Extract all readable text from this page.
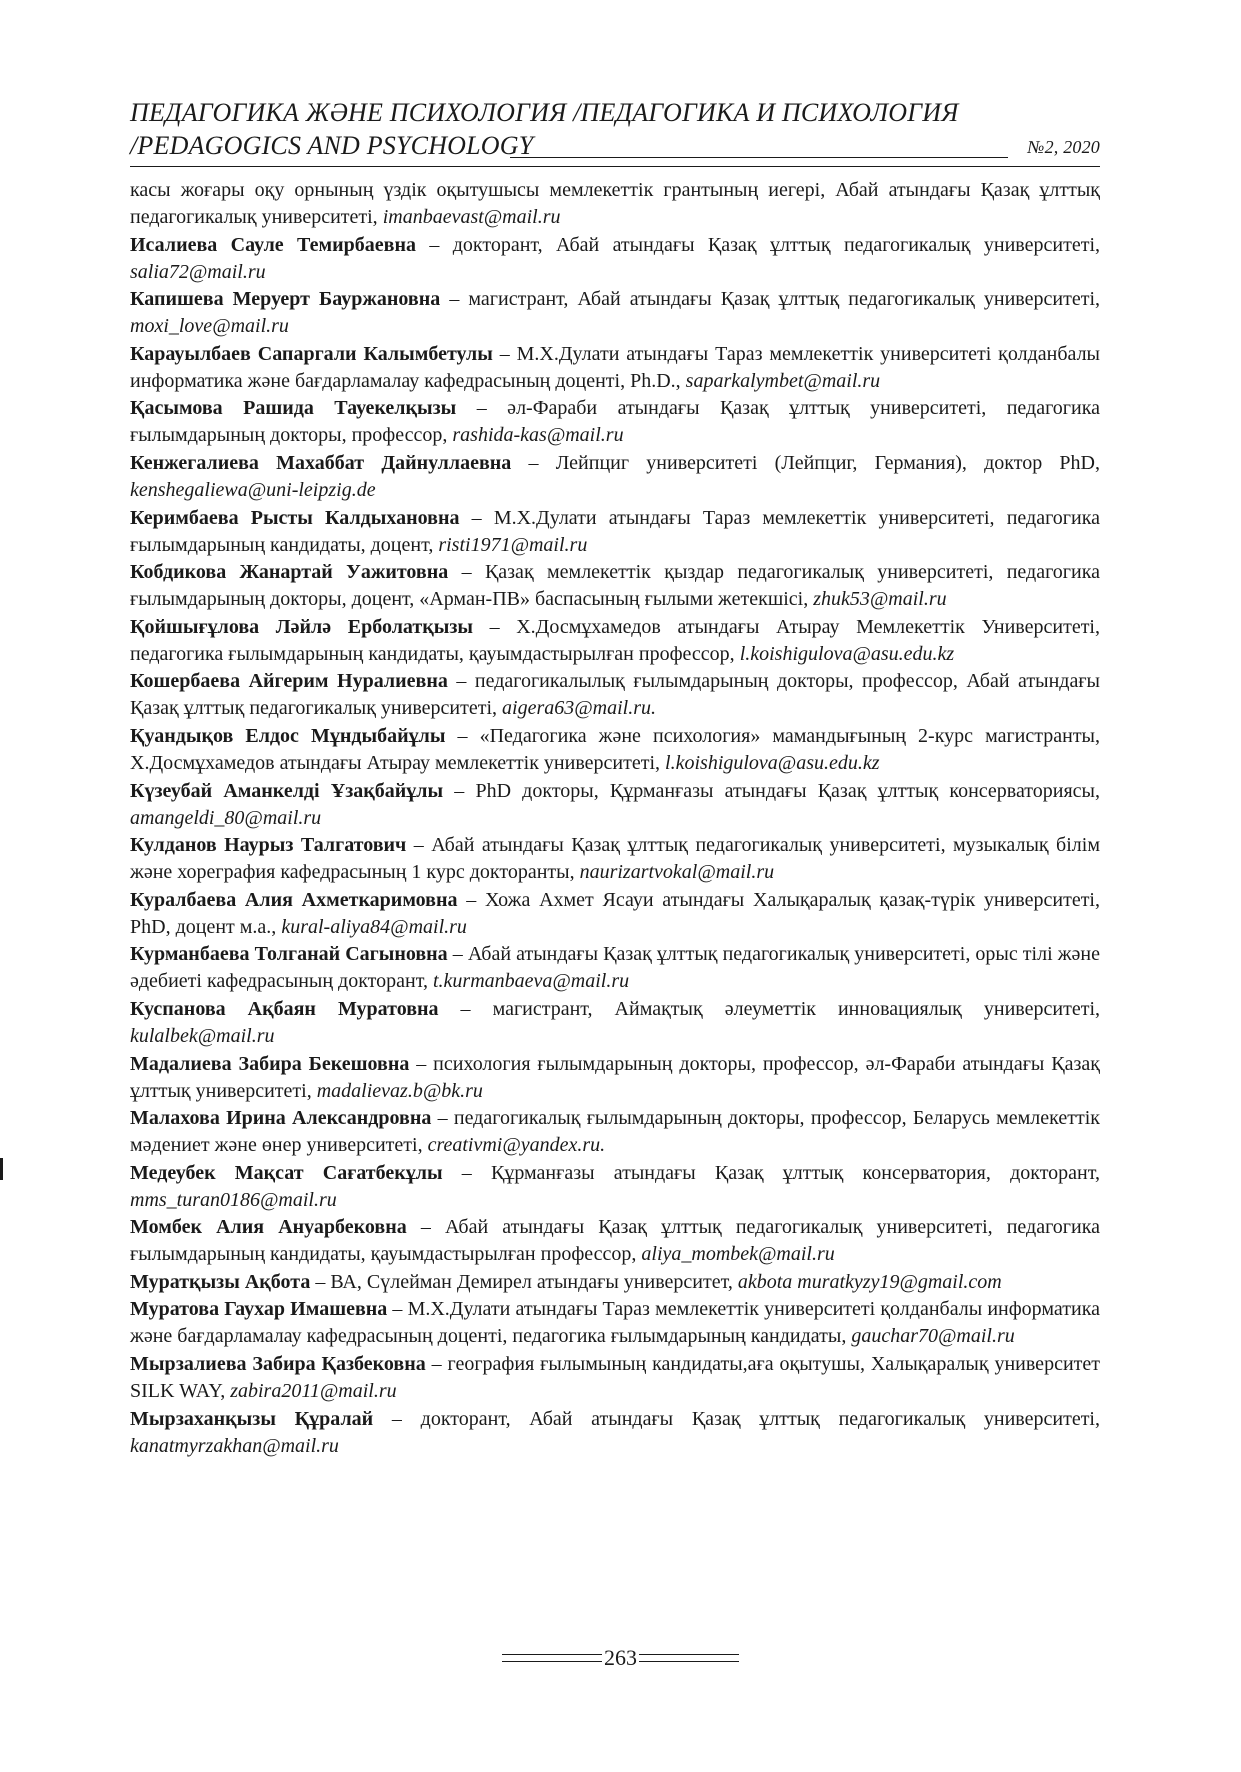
ПЕДАГОГИКА ЖӘНЕ ПСИХОЛОГИЯ /ПЕДАГОГИКА И ПСИХОЛОГИЯ
/PEDAGOGICS AND PSYCHOLOGY	№2, 2020

касы жоғары оқу орнының үздік оқытушысы мемлекеттік грантының иегері, Абай атындағы Қазақ ұлттық педагогикалық университеті, imanbaevast@mail.ru

Исалиева Сауле Темирбаевна – докторант, Абай атындағы Қазақ ұлттық педагогикалық университеті, salia72@mail.ru

Капишева Меруерт Бауржановна – магистрант, Абай атындағы Қазақ ұлттық педагогикалық университеті, moxi_love@mail.ru

Карауылбаев Сапаргали Калымбетулы – М.Х.Дулати атындағы Тараз мемлекеттік университеті қолданбалы информатика және бағдарламалау кафедрасының доценті, Ph.D., saparkalymbet@mail.ru

Қасымова Рашида Тауекелқызы – әл-Фараби атындағы Қазақ ұлттық университеті, педагогика ғылымдарының докторы, профессор, rashida-kas@mail.ru

Кенжегалиева Махаббат Дайнуллаевна – Лейпциг университеті (Лейпциг, Германия), доктор PhD, kenshegaliewa@uni-leipzig.de

Керимбаева Рысты Калдыхановна – М.Х.Дулати атындағы Тараз мемлекеттік университеті, педагогика ғылымдарының кандидаты, доцент, risti1971@mail.ru

Кобдикова Жанартай Уажитовна – Қазақ мемлекеттік қыздар педагогикалық университеті, педагогика ғылымдарының докторы, доцент, «Арман-ПВ» баспасының ғылыми жетекшісі, zhuk53@mail.ru

Қойшығұлова Ләйлә Ерболатқызы – Х.Досмұхамедов атындағы Атырау Мемлекеттік Университеті, педагогика ғылымдарының кандидаты, қауымдастырылған профессор, l.koishigulova@asu.edu.kz

Кошербаева Айгерим Нуралиевна – педагогикалылық ғылымдарының докторы, профессор, Абай атындағы Қазақ ұлттық педагогикалық университеті, aigera63@mail.ru.

Қуандықов Елдос Мұндыбайұлы – «Педагогика және психология» мамандығының 2-курс магистранты, Х.Досмұхамедов атындағы Атырау мемлекеттік университеті, l.koishigulova@asu.edu.kz

Күзеубай Аманкелді Ұзақбайұлы – PhD докторы, Құрманғазы атындағы Қазақ ұлттық консерваториясы, amangeldi_80@mail.ru

Кулданов Наурыз Талгатович – Абай атындағы Қазақ ұлттық педагогикалық университеті, музыкалық білім және хореграфия кафедрасының 1 курс докторанты, naurizartvokal@mail.ru

Куралбаева Алия Ахметкаримовна – Хожа Ахмет Ясауи атындағы Халықаралық қазақ-түрік университеті, PhD, доцент м.а., kural-aliya84@mail.ru

Курманбаева Толганай Сагыновна – Абай атындағы Қазақ ұлттық педагогикалық университеті, орыс тілі және әдебиеті кафедрасының докторант, t.kurmanbaeva@mail.ru

Куспанова Ақбаян Муратовна – магистрант, Аймақтық әлеуметтік инновациялық университеті, kulalbek@mail.ru

Мадалиева Забира Бекешовна – психология ғылымдарының докторы, профессор, әл-Фараби атындағы Қазақ ұлттық университеті, madalievaz.b@bk.ru

Малахова Ирина Александровна – педагогикалық ғылымдарының докторы, профессор, Беларусь мемлекеттік мәдениет және өнер университеті, creativmi@yandex.ru.

Медеубек Мақсат Сағатбекұлы – Құрманғазы атындағы Қазақ ұлттық консерватория, докторант, mms_turan0186@mail.ru

Момбек Алия Ануарбековна – Абай атындағы Қазақ ұлттық педагогикалық университеті, педагогика ғылымдарының кандидаты, қауымдастырылған профессор, aliya_mombek@mail.ru

Муратқызы Ақбота – ВА, Сүлейман Демирел атындағы университет, akbota muratkyzy19@gmail.com

Муратова Гаухар Имашевна – М.Х.Дулати атындағы Тараз мемлекеттік университеті қолданбалы информатика және бағдарламалау кафедрасының доценті, педагогика ғылымдарының кандидаты, gauchar70@mail.ru

Мырзалиева Забира Қазбековна – география ғылымының кандидаты,аға оқытушы, Халықаралық университет SILK WAY, zabira2011@mail.ru

Мырзаханқызы Құралай – докторант, Абай атындағы Қазақ ұлттық педагогикалық университеті, kanatmyrzakhan@mail.ru

263
